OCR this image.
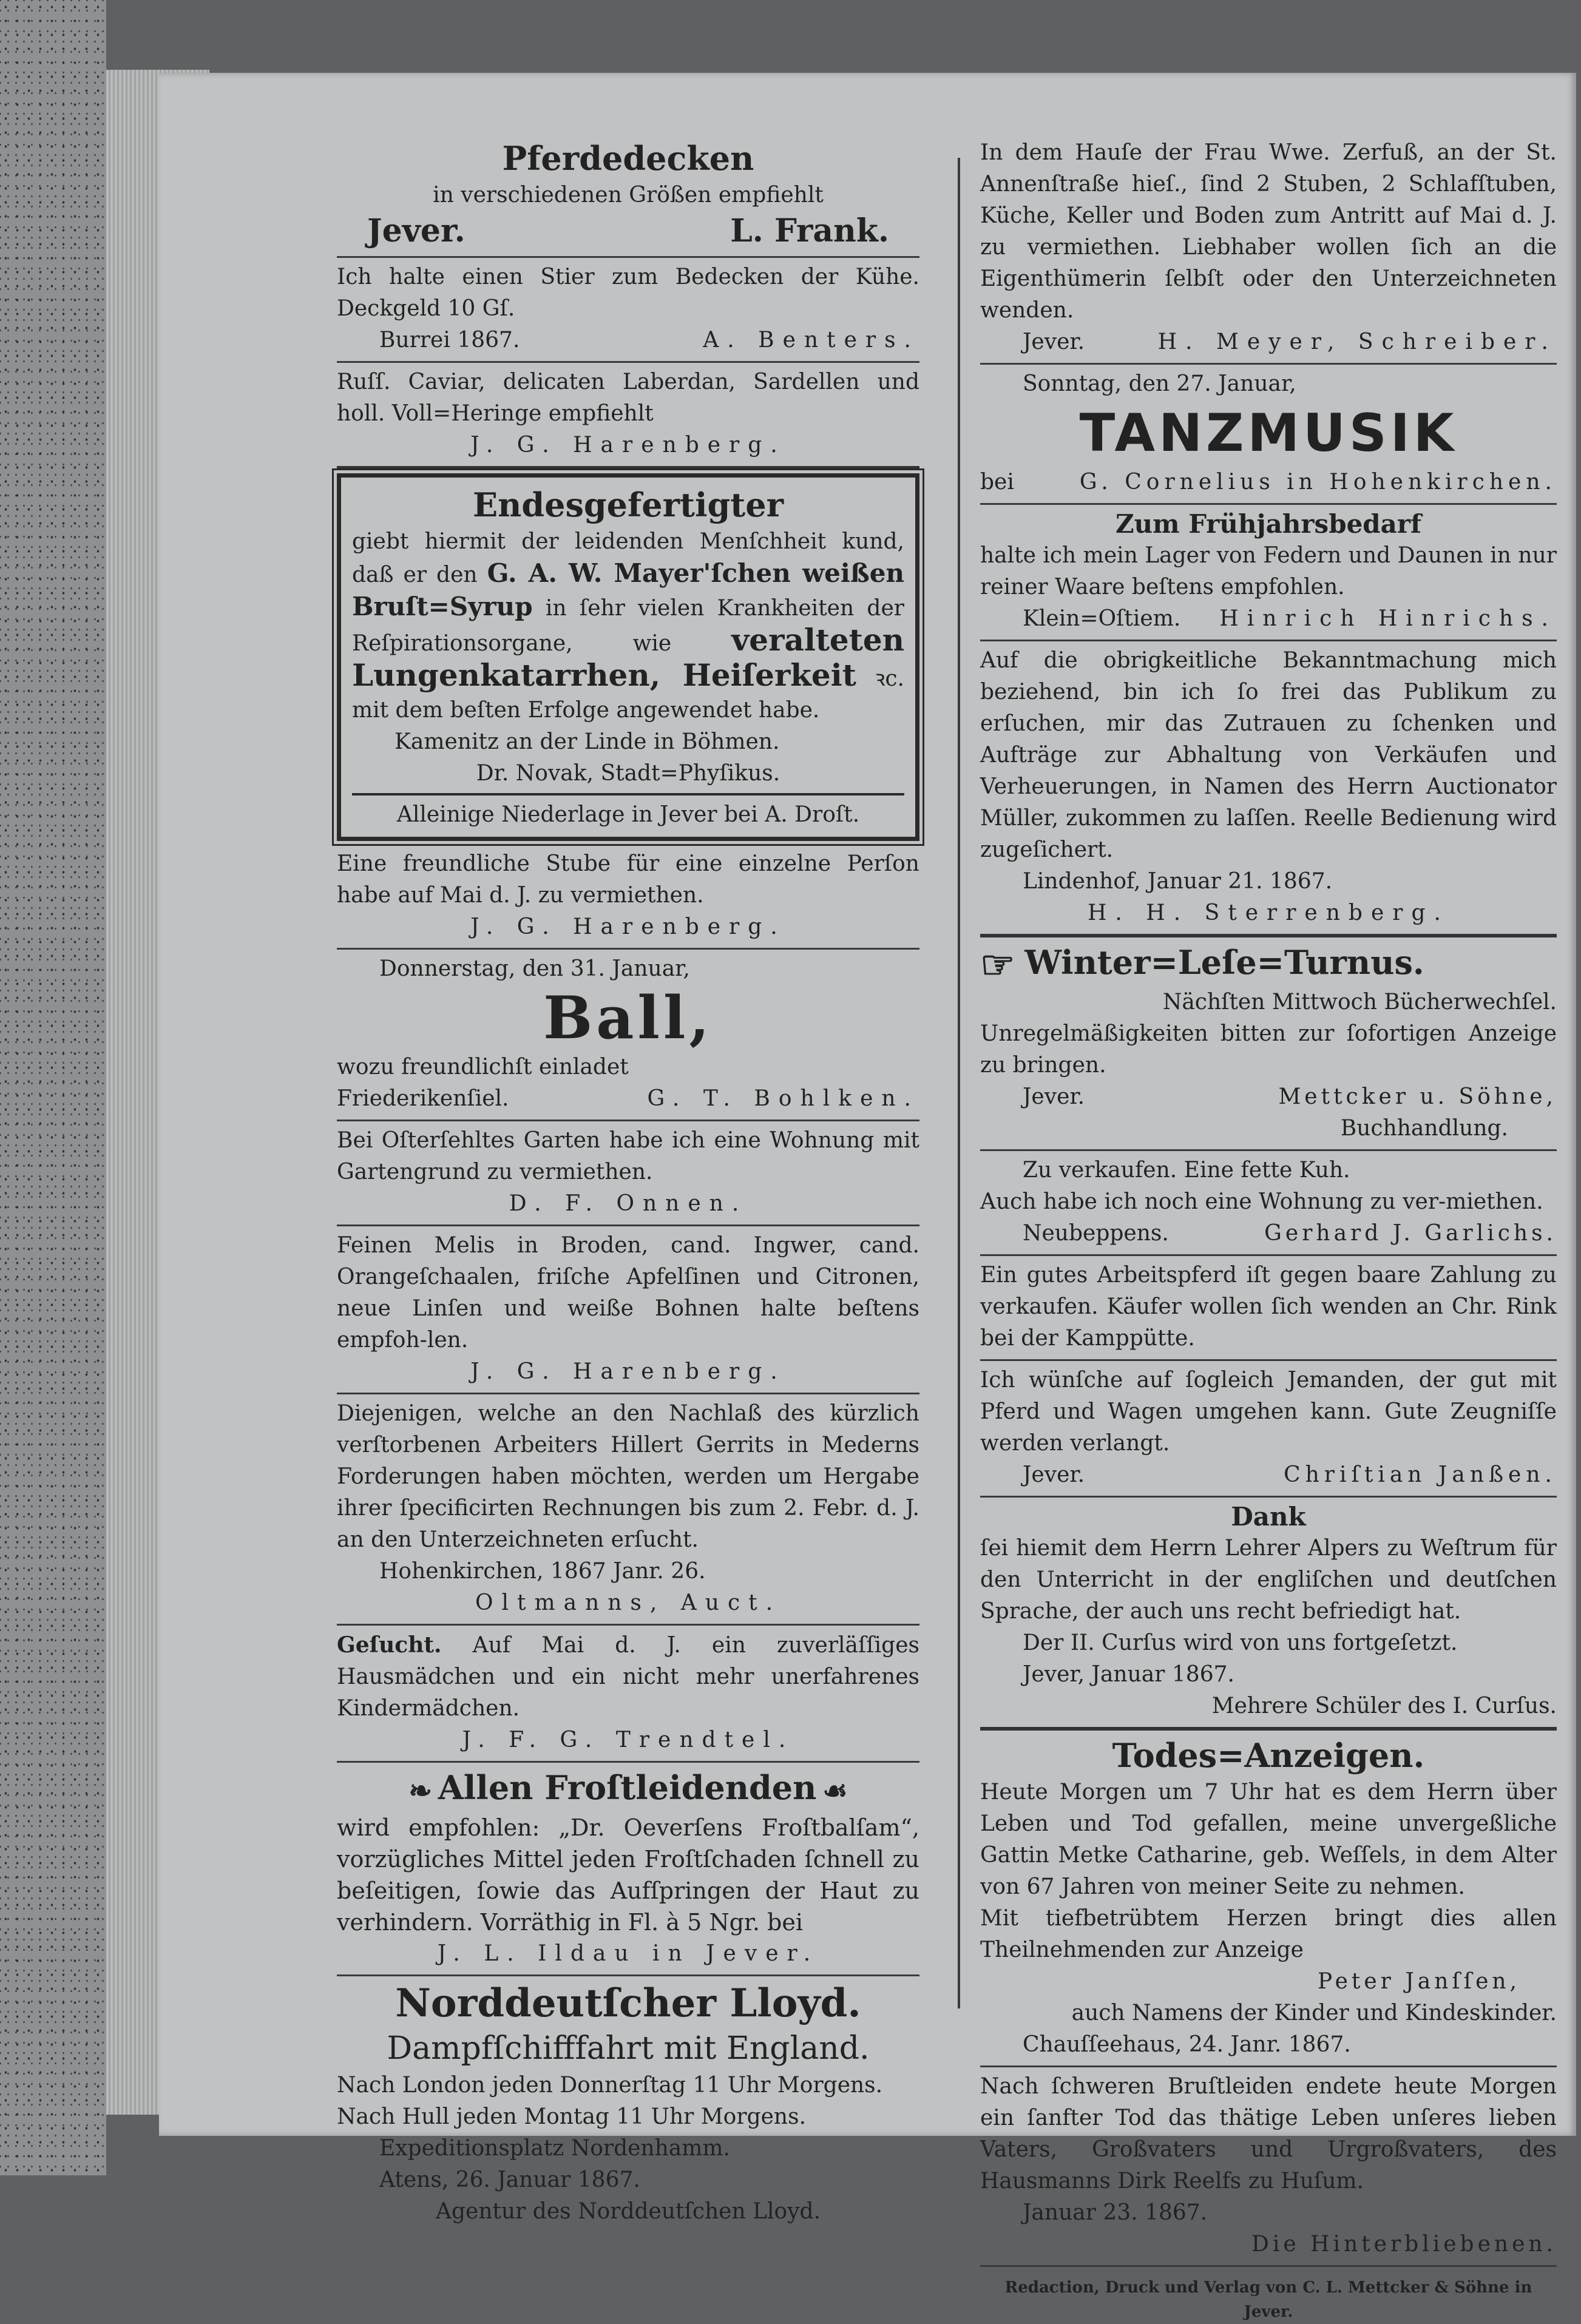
Pferdedecken
in verschiedenen Größen empfiehlt
Jever.	L. Frank.
Ich halte einen Stier zum Bedecken der Kühe. Deckgeld 10 Gſ.
Burrei 1867.	A. Benters.
Ruſſ. Caviar, delicaten Laberdan, Sardellen und holl. Voll=Heringe empfiehlt
J. G. Harenberg.
Endesgefertigter
giebt hiermit der leidenden Menſchheit kund, daß er den G. A. W. Mayer'ſchen weißen Bruſt=Syrup in ſehr vielen Krankheiten der Reſpirationsorgane, wie veralteten Lungenkatarrhen, Heiſerkeit ꝛc. mit dem beſten Erfolge angewendet habe.
Kamenitz an der Linde in Böhmen.
Dr. Novak, Stadt=Phyſikus.
Alleinige Niederlage in Jever bei A. Droſt.
Eine freundliche Stube für eine einzelne Perſon habe auf Mai d. J. zu vermiethen.
J. G. Harenberg.
Donnerstag, den 31. Januar,
Ball,
wozu freundlichſt einladet
Friederikenſiel.	G. T. Bohlken.
Bei Oſterſehltes Garten habe ich eine Wohnung mit Gartengrund zu vermiethen.
D. F. Onnen.
Feinen Melis in Broden, cand. Ingwer, cand. Orangeſchaalen, friſche Apfelſinen und Citronen, neue Linſen und weiße Bohnen halte beſtens empfoh-len.
J. G. Harenberg.
Diejenigen, welche an den Nachlaß des kürzlich verſtorbenen Arbeiters Hillert Gerrits in Mederns Forderungen haben möchten, werden um Hergabe ihrer ſpecificirten Rechnungen bis zum 2. Febr. d. J. an den Unterzeichneten erſucht.
Hohenkirchen, 1867 Janr. 26.
Oltmanns, Auct.
Geſucht. Auf Mai d. J. ein zuverläſſiges Hausmädchen und ein nicht mehr unerfahrenes Kindermädchen.
J. F. G. Trendtel.
❧ Allen Froſtleidenden ☙
wird empfohlen: „Dr. Oeverſens Froſtbalſam“, vorzügliches Mittel jeden Froſtſchaden ſchnell zu beſeitigen, ſowie das Aufſpringen der Haut zu verhindern. Vorräthig in Fl. à 5 Ngr. bei
J. L. Ildau in Jever.
Norddeutſcher Lloyd.
Dampfſchifffahrt mit England.
Nach London jeden Donnerſtag 11 Uhr Morgens.
Nach Hull jeden Montag 11 Uhr Morgens.
Expeditionsplatz Nordenhamm.
Atens, 26. Januar 1867.
Agentur des Norddeutſchen Lloyd.
In dem Hauſe der Frau Wwe. Zerfuß, an der St. Annenſtraße hieſ., ſind 2 Stuben, 2 Schlafſtuben, Küche, Keller und Boden zum Antritt auf Mai d. J. zu vermiethen. Liebhaber wollen ſich an die Eigenthümerin ſelbſt oder den Unterzeichneten wenden.
Jever.	H. Meyer, Schreiber.
Sonntag, den 27. Januar,
TANZMUSIK
bei	G. Cornelius in Hohenkirchen.
Zum Frühjahrsbedarf
halte ich mein Lager von Federn und Daunen in nur reiner Waare beſtens empfohlen.
Klein=Oſtiem. Hinrich Hinrichs.
Auf die obrigkeitliche Bekanntmachung mich beziehend, bin ich ſo frei das Publikum zu erſuchen, mir das Zutrauen zu ſchenken und Aufträge zur Abhaltung von Verkäufen und Verheuerungen, in Namen des Herrn Auctionator Müller, zukommen zu laſſen. Reelle Bedienung wird zugeſichert.
Lindenhof, Januar 21. 1867.
H. H. Sterrenberg.
☞ Winter=Leſe=Turnus.
Nächſten Mittwoch Bücherwechſel.
Unregelmäßigkeiten bitten zur ſofortigen Anzeige zu bringen.
Jever.	Mettcker u. Söhne,
Buchhandlung.
Zu verkaufen. Eine fette Kuh.
Auch habe ich noch eine Wohnung zu ver-miethen.
Neubeppens.	Gerhard J. Garlichs.
Ein gutes Arbeitspferd iſt gegen baare Zahlung zu verkaufen. Käufer wollen ſich wenden an Chr. Rink bei der Kamppütte.
Ich wünſche auf ſogleich Jemanden, der gut mit Pferd und Wagen umgehen kann. Gute Zeugniſſe werden verlangt.
Jever.	Chriſtian Janßen.
Dank
ſei hiemit dem Herrn Lehrer Alpers zu Weſtrum für den Unterricht in der engliſchen und deutſchen Sprache, der auch uns recht befriedigt hat.
Der II. Curſus wird von uns fortgeſetzt.
Jever, Januar 1867.
Mehrere Schüler des I. Curſus.
Todes=Anzeigen.
Heute Morgen um 7 Uhr hat es dem Herrn über Leben und Tod gefallen, meine unvergeßliche Gattin Metke Catharine, geb. Weſſels, in dem Alter von 67 Jahren von meiner Seite zu nehmen.
Mit tiefbetrübtem Herzen bringt dies allen Theilnehmenden zur Anzeige
Peter Janſſen,
auch Namens der Kinder und Kindeskinder.
Chauſſeehaus, 24. Janr. 1867.
Nach ſchweren Bruſtleiden endete heute Morgen ein ſanfter Tod das thätige Leben unſeres lieben Vaters, Großvaters und Urgroßvaters, des Hausmanns Dirk Reelfs zu Huſum.
Januar 23. 1867.
Die Hinterbliebenen.
Redaction, Druck und Verlag von C. L. Mettcker & Söhne in Jever.
